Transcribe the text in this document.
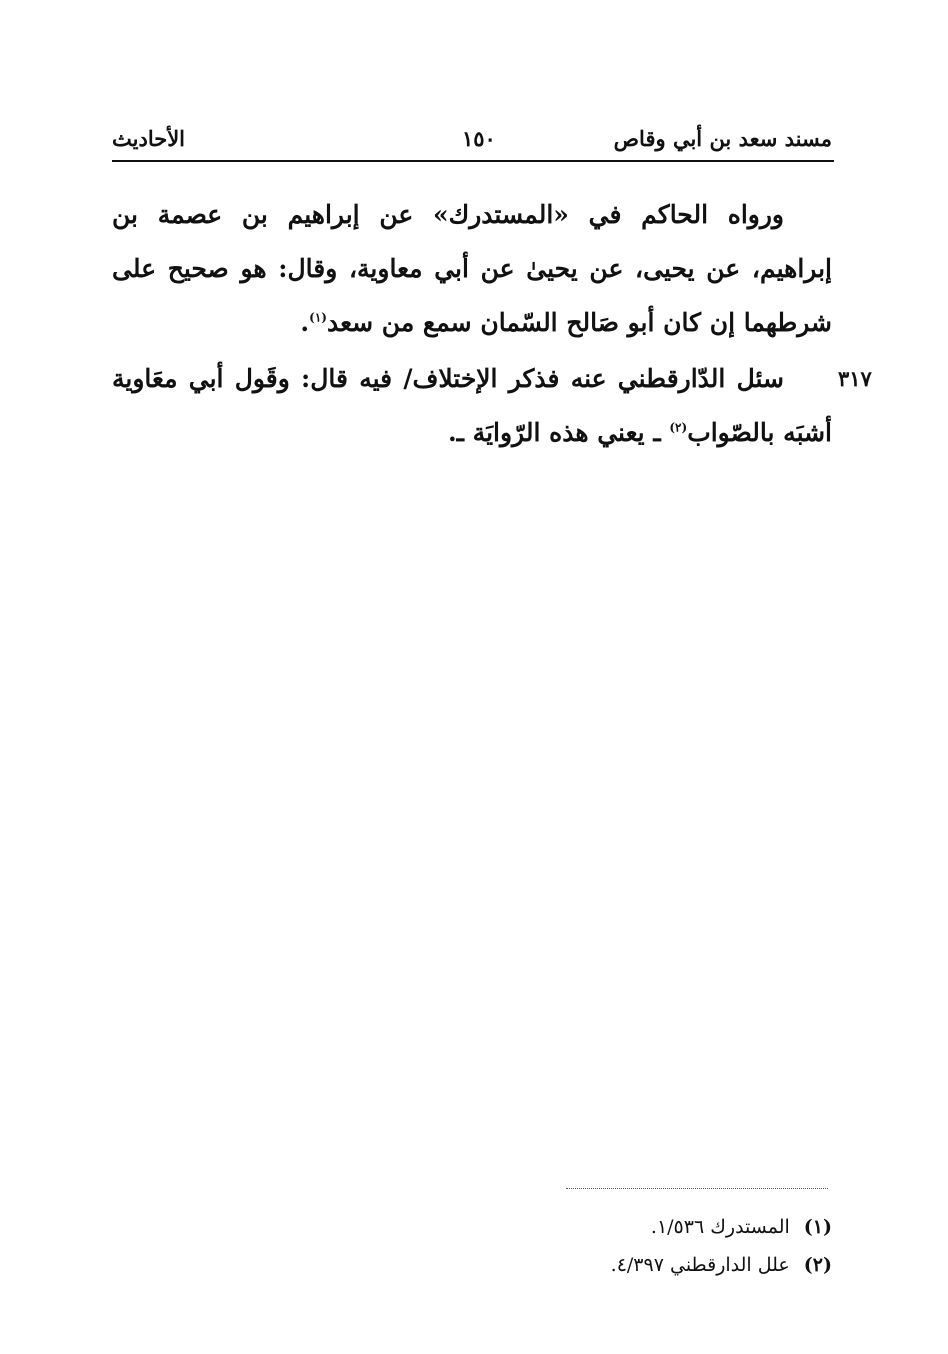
مسند سعد بن أبي وقاص
١٥٠
الأحاديث
ورواه الحاكم في «المستدرك» عن إبراهيم بن عصمة بن إبراهيم، عن يحيى، عن يحيىٰ عن أبي معاوية، وقال: هو صحيح على شرطهما إن كان أبو صَالح السّمان سمع من سعد$^{(١)}$.
٣١٧
سئل الدّارقطني عنه فذكر الإختلاف/ فيه قال: وقَول أبي معَاوية أشبَه بالصّواب$^{(٢)}$ ـ يعني هذه الرّوايَة ـ.
(١)المستدرك ١/٥٣٦.
(٢)علل الدارقطني ٤/٣٩٧.
